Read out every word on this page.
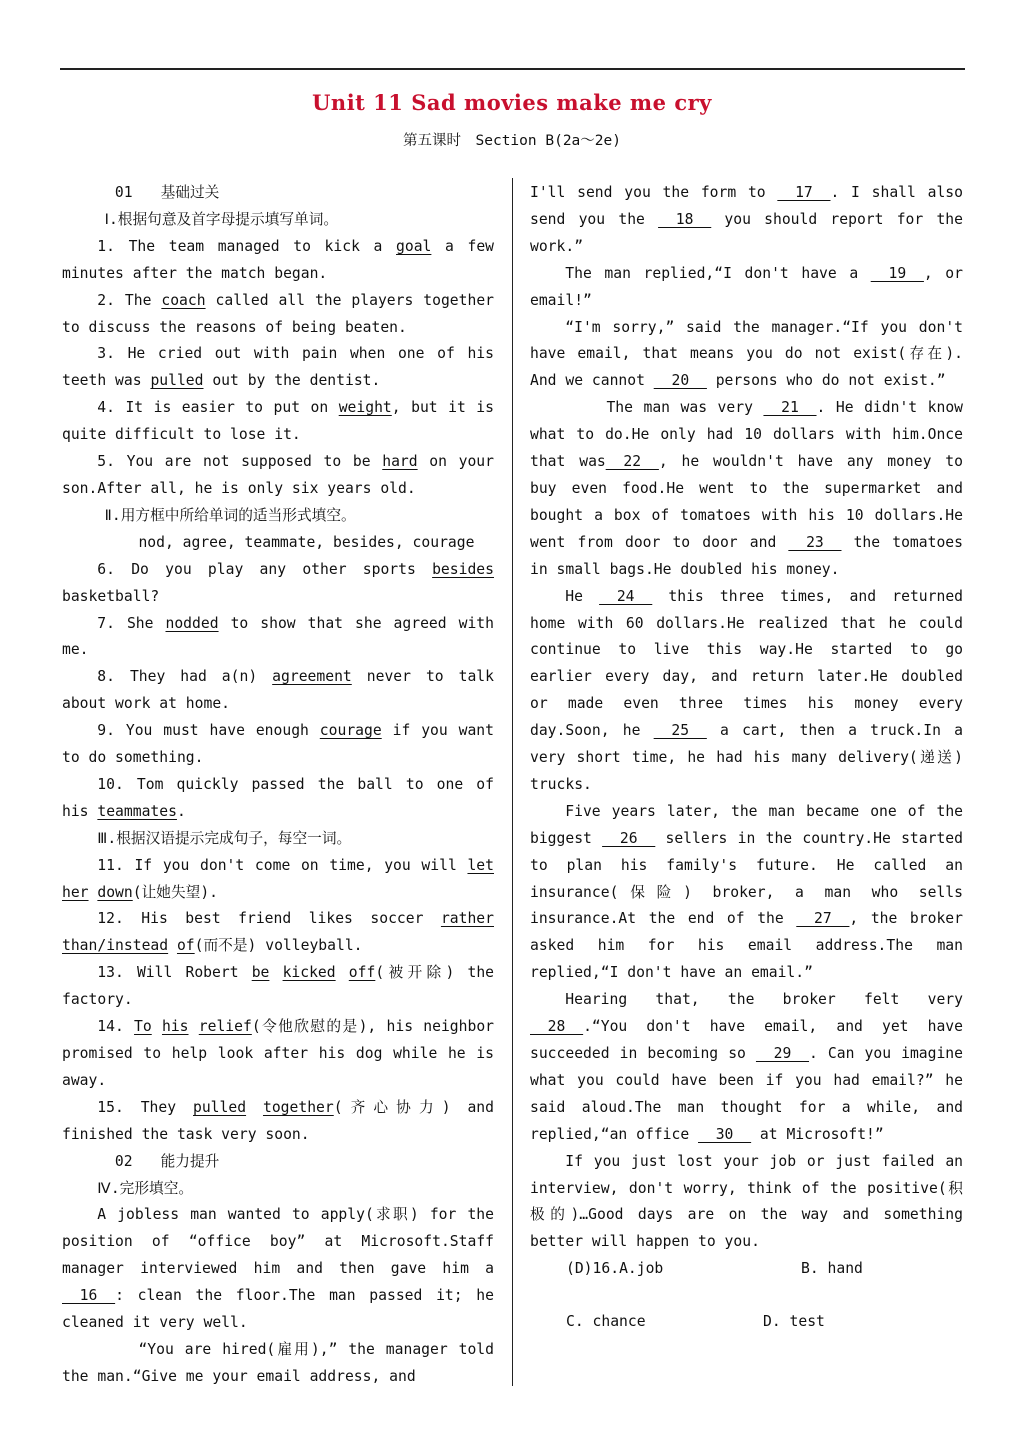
Unit 11 Sad movies make me cry
第五课时　Section B(2a～2e)

01 基础过关

Ⅰ.根据句意及首字母提示填写单词。

1. The team managed to kick a goal a few minutes after the match began.

2. The coach called all the players together to discuss the reasons of being beaten.

3. He cried out with pain when one of his teeth was pulled out by the dentist.

4. It is easier to put on weight, but it is quite difficult to lose it.

5. You are not supposed to be hard on your son.After all, he is only six years old.

Ⅱ.用方框中所给单词的适当形式填空。

nod, agree, teammate, besides, courage

6. Do you play any other sports besides basketball?

7. She nodded to show that she agreed with me.

8. They had a(n) agreement never to talk about work at home.

9. You must have enough courage if you want to do something.

10. Tom quickly passed the ball to one of his teammates.

Ⅲ.根据汉语提示完成句子，每空一词。

11. If you don't come on time, you will let her down(让她失望).

12. His best friend likes soccer rather than/instead of(而不是) volleyball.

13. Will Robert be kicked off(被开除) the factory.

14. To his relief(令他欣慰的是), his neighbor promised to help look after his dog while he is away.

15. They pulled together(齐心协力) and finished the task very soon.

02 能力提升

Ⅳ.完形填空。

A jobless man wanted to apply(求职) for the position of “office boy” at Microsoft.Staff manager interviewed him and then gave him a __16__: clean the floor.The man passed it; he cleaned it very well.

“You are hired(雇用),” the manager told the man.“Give me your email address, and

I'll send you the form to __17__. I shall also send you the __18__ you should report for the work.”

The man replied,“I don't have a __19__, or email!”

“I'm sorry,” said the manager.“If you don't have email, that means you do not exist(存在). And we cannot __20__ persons who do not exist.”

The man was very __21__. He didn't know what to do.He only had 10 dollars with him.Once that was__22__, he wouldn't have any money to buy even food.He went to the supermarket and bought a box of tomatoes with his 10 dollars.He went from door to door and __23__ the tomatoes in small bags.He doubled his money.

He __24__ this three times, and returned home with 60 dollars.He realized that he could continue to live this way.He started to go earlier every day, and return later.He doubled or made even three times his money every day.Soon, he __25__ a cart, then a truck.In a very short time, he had his many delivery(递送) trucks.

Five years later, the man became one of the biggest __26__ sellers in the country.He started to plan his family's future. He called an insurance(保险) broker, a man who sells insurance.At the end of the __27__, the broker asked him for his email address.The man replied,“I don't have an email.”

Hearing that, the broker felt very __28__.“You don't have email, and yet have succeeded in becoming so __29__. Can you imagine what you could have been if you had email?” he said aloud.The man thought for a while, and replied,“an office __30__ at Microsoft!”

If you just lost your job or just failed an interview, don't worry, think of the positive(积极的)…Good days are on the way and something better will happen to you.

(D)16.A.job	B. hand
C. chance	D. test
